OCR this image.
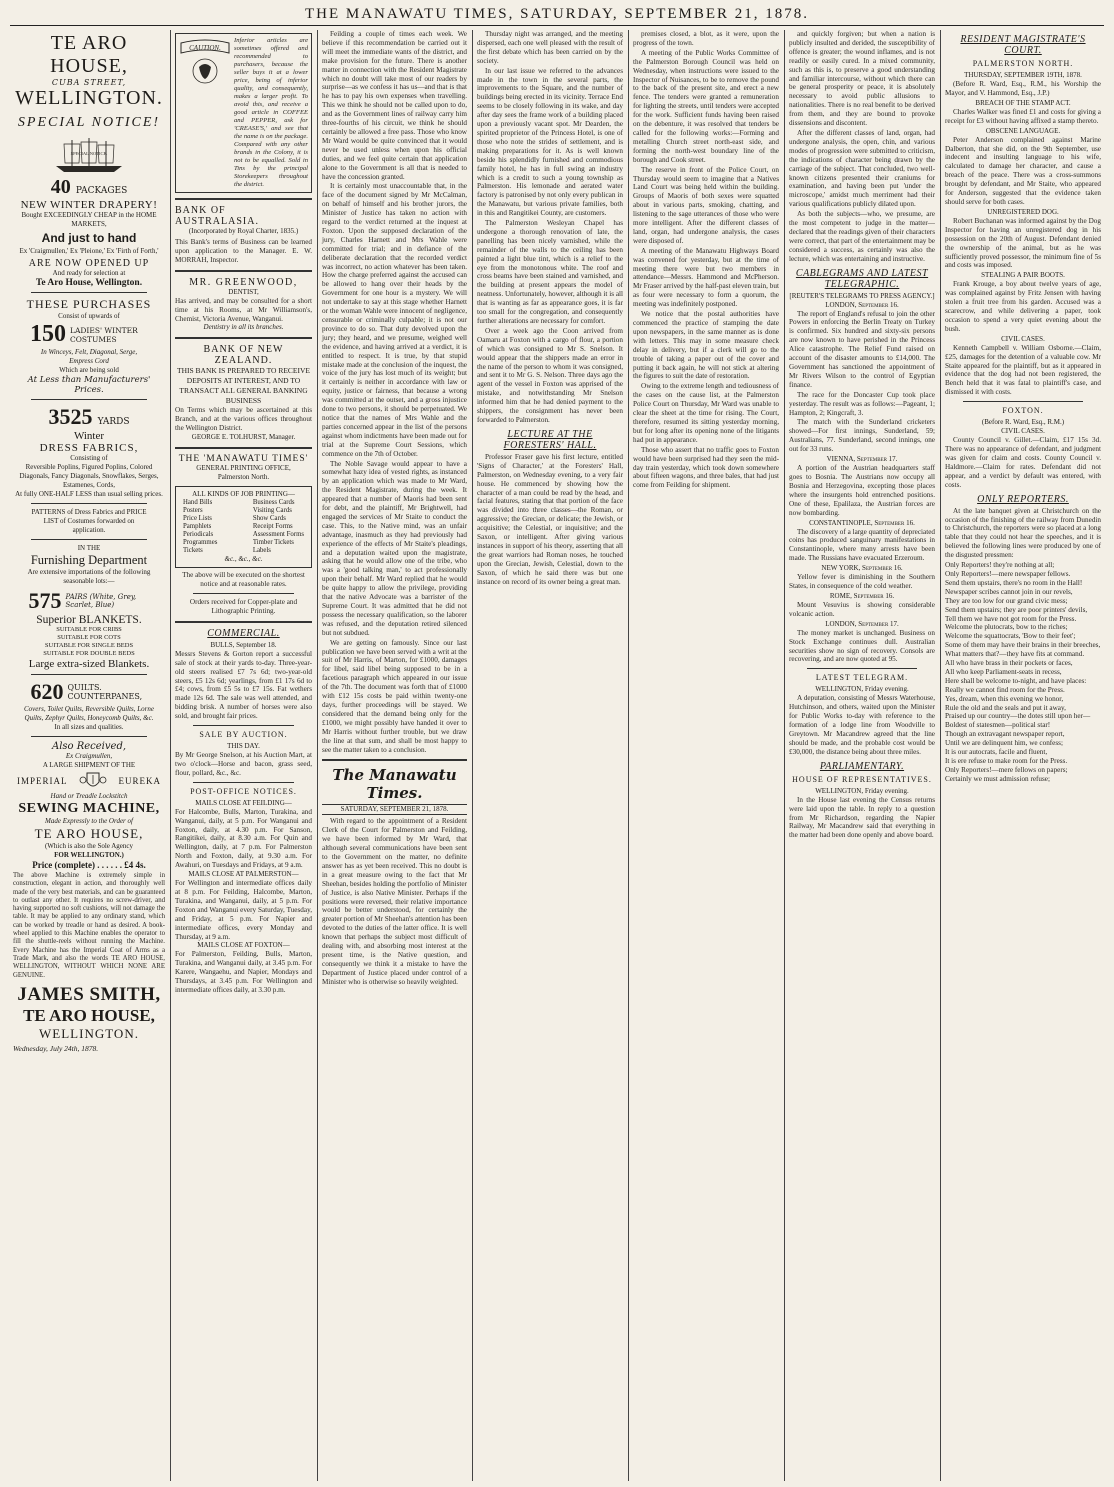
THE MANAWATU TIMES, SATURDAY, SEPTEMBER 21, 1878.
TE ARO HOUSE,
CUBA STREET,
WELLINGTON.
SPECIAL NOTICE!
SPECIAL NOTICE.
40 PACKAGES
NEW WINTER DRAPERY!
Bought EXCEEDINGLY CHEAP in the HOME MARKETS,
And just to hand
Ex 'Craigmullen,' Ex 'Pleione,' Ex 'Firth of Forth,'
ARE NOW OPENED UP
And ready for selection at
Te Aro House, Wellington.
THESE PURCHASES
Consist of upwards of
150 LADIES' WINTER COSTUMES
In Winceys, Felt, Diagonal, Serge, Empress Cord
Which are being sold
At Less than Manufacturers' Prices.
3525 YARDS
Winter
DRESS FABRICS,
Consisting of
Reversible Poplins, Figured Poplins, Colored Diagonals, Fancy Diagonals, Snowflakes, Serges, Estamenes, Cords,
At fully ONE-HALF LESS than usual selling prices.
PATTERNS of Dress Fabrics and PRICE LIST of Costumes forwarded on application.
IN THE
Furnishing Department
Are extensive importations of the following seasonable lots:—
575 PAIRS (White, Grey, Scarlet, Blue)
Superior BLANKETS.
SUITABLE FOR CRIBS
SUITABLE FOR COTS
SUITABLE FOR SINGLE BEDS
SUITABLE FOR DOUBLE BEDS
Large extra-sized Blankets.
620 QUILTS. COUNTERPANES,
Covers, Toilet Quilts, Reversible Quilts, Lorne Quilts, Zephyr Quilts, Honeycomb Quilts, &c.
In all sizes and qualities.
Also Received,
Ex Craigmullen,
A LARGE SHIPMENT OF THE
IMPERIAL	EUREKA
Hand or Treadle Lockstitch
SEWING MACHINE,
Made Expressly to the Order of
TE ARO HOUSE,
(Which is also the Sole Agency
FOR WELLINGTON.)
Price (complete) . . . . . . £4 4s.
The above Machine is extremely simple in construction, elegant in action, and thoroughly well made of the very best materials, and can be guaranteed to outlast any other. It requires no screw-driver, and having supported no soft cushions, will not damage the table. It may be applied to any ordinary stand, which can be worked by treadle or hand as desired. A book-wheel applied to this Machine enables the operator to fill the shuttle-reels without running the Machine. Every Machine has the Imperial Coat of Arms as a Trade Mark, and also the words TE ARO HOUSE, WELLINGTON, WITHOUT WHICH NONE ARE GENUINE.
JAMES SMITH,
TE ARO HOUSE,
WELLINGTON.
Wednesday, July 24th, 1878.
CAUTION.
Inferior articles are sometimes offered and recommended to purchasers, because the seller buys it at a lower price, being of inferior quality, and consequently, makes a larger profit. To avoid this, and receive a good article in COFFEE and PEPPER, ask for 'CREASE'S,' and see that the name is on the package. Compared with any other brands in the Colony, it is not to be equalled. Sold in Tins by the principal Storekeepers throughout the district.
BANK OF AUSTRALASIA.
(Incorporated by Royal Charter, 1835.)
This Bank's terms of Business can be learned upon application to the Manager. E. W. MORRAH, Inspector.
MR. GREENWOOD,
DENTIST,
Has arrived, and may be consulted for a short time at his Rooms, at Mr Williamson's, Chemist, Victoria Avenue, Wanganui.
Dentistry in all its branches.
BANK OF NEW ZEALAND.
THIS BANK IS PREPARED TO RECEIVE DEPOSITS AT INTEREST, AND TO TRANSACT ALL GENERAL BANKING BUSINESS
On Terms which may be ascertained at this Branch, and at the various offices throughout the Wellington District.
GEORGE E. TOLHURST, Manager.
THE 'MANAWATU TIMES'
GENERAL PRINTING OFFICE,
Palmerston North.
ALL KINDS OF JOB PRINTING—
Hand Bills
Posters
Price Lists
Pamphlets
Periodicals
Programmes
Tickets
Business Cards
Visiting Cards
Show Cards
Receipt Forms
Assessment Forms
Timber Tickets
Labels
&c., &c., &c.
The above will be executed on the shortest notice and at reasonable rates.
Orders received for Copper-plate and Lithographic Printing.
COMMERCIAL.
BULLS, September 18.
Messrs Stevens & Gorton report a successful sale of stock at their yards to-day. Three-year-old steers realised £7 7s 6d; two-year-old steers, £5 12s 6d; yearlings, from £1 17s 6d to £4; cows, from £5 5s to £7 15s. Fat wethers made 12s 6d. The sale was well attended, and bidding brisk. A number of horses were also sold, and brought fair prices.
SALE BY AUCTION.
THIS DAY.
By Mr George Snelson, at his Auction Mart, at two o'clock—Horse and bacon, grass seed, flour, pollard, &c., &c.
POST-OFFICE NOTICES.
MAILS CLOSE AT FEILDING—
For Halcombe, Bulls, Marton, Turakina, and Wanganui, daily, at 5 p.m. For Wanganui and Foxton, daily, at 4.30 p.m. For Sanson, Rangitikei, daily, at 8.30 a.m. For Quin and Wellington, daily, at 7 p.m. For Palmerston North and Foxton, daily, at 9.30 a.m. For Awahuri, on Tuesdays and Fridays, at 9 a.m.
MAILS CLOSE AT PALMERSTON—
For Wellington and intermediate offices daily at 8 p.m. For Feilding, Halcombe, Marton, Turakina, and Wanganui, daily, at 5 p.m. For Foxton and Wanganui every Saturday, Tuesday, and Friday, at 5 p.m. For Napier and intermediate offices, every Monday and Thursday, at 9 a.m.
MAILS CLOSE AT FOXTON—
For Palmerston, Feilding, Bulls, Marton, Turakina, and Wanganui daily, at 3.45 p.m. For Karere, Wangaehu, and Napier, Mondays and Thursdays, at 3.45 p.m. For Wellington and intermediate offices daily, at 3.30 p.m.

Feilding a couple of times each week. We believe if this recommendation be carried out it will meet the immediate wants of the district, and make provision for the future. There is another matter in connection with the Resident Magistrate which no doubt will take most of our readers by surprise—as we confess it has us—and that is that he has to pay his own expenses when travelling. This we think he should not be called upon to do, and as the Government lines of railway carry him three-fourths of his circuit, we think he should certainly be allowed a free pass. Those who know Mr Ward would be quite convinced that it would never be used unless when upon his official duties, and we feel quite certain that application alone to the Government is all that is needed to have the concession granted.

It is certainly most unaccountable that, in the face of the document signed by Mr McCalman, on behalf of himself and his brother jurors, the Minister of Justice has taken no action with regard to the verdict returned at the inquest at Foxton. Upon the supposed declaration of the jury, Charles Harnett and Mrs Wahle were committed for trial; and in defiance of the deliberate declaration that the recorded verdict was incorrect, no action whatever has been taken. How the charge preferred against the accused can be allowed to hang over their heads by the Government for one hour is a mystery. We will not undertake to say at this stage whether Harnett or the woman Wahle were innocent of negligence, censurable or criminally culpable; it is not our province to do so. That duty devolved upon the jury; they heard, and we presume, weighed well the evidence, and having arrived at a verdict, it is entitled to respect. It is true, by that stupid mistake made at the conclusion of the inquest, the voice of the jury has lost much of its weight; but it certainly is neither in accordance with law or equity, justice or fairness, that because a wrong was committed at the outset, and a gross injustice done to two persons, it should be perpetuated. We notice that the names of Mrs Wahle and the parties concerned appear in the list of the persons against whom indictments have been made out for trial at the Supreme Court Sessions, which commence on the 7th of October.

The Noble Savage would appear to have a somewhat hazy idea of vested rights, as instanced by an application which was made to Mr Ward, the Resident Magistrate, during the week. It appeared that a number of Maoris had been sent for debt, and the plaintiff, Mr Brightwell, had engaged the services of Mr Staite to conduct the case. This, to the Native mind, was an unfair advantage, inasmuch as they had previously had experience of the effects of Mr Staite's pleadings, and a deputation waited upon the magistrate, asking that he would allow one of the tribe, who was a 'good talking man,' to act professionally upon their behalf. Mr Ward replied that he would be quite happy to allow the privilege, providing that the native Advocate was a barrister of the Supreme Court. It was admitted that he did not possess the necessary qualification, so the laborer was refused, and the deputation retired silenced but not subdued.

We are getting on famously. Since our last publication we have been served with a writ at the suit of Mr Harris, of Marton, for £1000, damages for libel, said libel being supposed to be in a facetious paragraph which appeared in our issue of the 7th. The document was forth that of £1000 with £12 15s costs be paid within twenty-one days, further proceedings will be stayed. We considered that the demand being only for the £1000, we might possibly have handed it over to Mr Harris without further trouble, but we draw the line at that sum, and shall be most happy to see the matter taken to a conclusion.

The Manawatu Times.
SATURDAY, SEPTEMBER 21, 1878.

With regard to the appointment of a Resident Clerk of the Court for Palmerston and Feilding, we have been informed by Mr Ward, that although several communications have been sent to the Government on the matter, no definite answer has as yet been received. This no doubt is in a great measure owing to the fact that Mr Sheehan, besides holding the portfolio of Minister of Justice, is also Native Minister. Perhaps if the positions were reversed, their relative importance would be better understood, for certainly the greater portion of Mr Sheehan's attention has been devoted to the duties of the latter office. It is well known that perhaps the subject most difficult of dealing with, and absorbing most interest at the present time, is the Native question, and consequently we think it a mistake to have the Department of Justice placed under control of a Minister who is otherwise so heavily weighted.

Thursday night was arranged, and the meeting dispersed, each one well pleased with the result of the first debate which has been carried on by the society.

In our last issue we referred to the advances made in the town in the several parts, the improvements to the Square, and the number of buildings being erected in its vicinity. Terrace End seems to be closely following in its wake, and day after day sees the frame work of a building placed upon a previously vacant spot. Mr Dearden, the spirited proprietor of the Princess Hotel, is one of those who note the strides of settlement, and is making preparations for it. As is well known beside his splendidly furnished and commodious family hotel, he has in full swing an industry which is a credit to such a young township as Palmerston. His lemonade and aerated water factory is patronised by not only every publican in the Manawatu, but various private families, both in this and Rangitikei County, are customers.

The Palmerston Wesleyan Chapel has undergone a thorough renovation of late, the panelling has been nicely varnished, while the remainder of the walls to the ceiling has been painted a light blue tint, which is a relief to the eye from the monotonous white. The roof and cross beams have been stained and varnished, and the building at present appears the model of neatness. Unfortunately, however, although it is all that is wanting as far as appearance goes, it is far too small for the congregation, and consequently further alterations are necessary for comfort.

Over a week ago the Coon arrived from Oamaru at Foxton with a cargo of flour, a portion of which was consigned to Mr S. Snelson. It would appear that the shippers made an error in the name of the person to whom it was consigned, and sent it to Mr G. S. Nelson. Three days ago the agent of the vessel in Foxton was apprised of the mistake, and notwithstanding Mr Snelson informed him that he had denied payment to the shippers, the consignment has never been forwarded to Palmerston.

LECTURE AT THE FORESTERS' HALL.

Professor Fraser gave his first lecture, entitled 'Signs of Character,' at the Foresters' Hall, Palmerston, on Wednesday evening, to a very fair house. He commenced by showing how the character of a man could be read by the head, and facial features, stating that that portion of the face was divided into three classes—the Roman, or aggressive; the Grecian, or delicate; the Jewish, or acquisitive; the Celestial, or inquisitive; and the Saxon, or intelligent. After giving various instances in support of his theory, asserting that all the great warriors had Roman noses, he touched upon the Grecian, Jewish, Celestial, down to the Saxon, of which he said there was but one instance on record of its owner being a great man.

premises closed, a blot, as it were, upon the progress of the town.

A meeting of the Public Works Committee of the Palmerston Borough Council was held on Wednesday, when instructions were issued to the Inspector of Nuisances, to be to remove the pound to the back of the present site, and erect a new fence. The tenders were granted a remuneration for lighting the streets, until tenders were accepted for the work. Sufficient funds having been raised on the debenture, it was resolved that tenders be called for the following works:—Forming and metalling Church street north-east side, and forming the north-west boundary line of the borough and Cook street.

The reserve in front of the Police Court, on Thursday would seem to imagine that a Natives Land Court was being held within the building. Groups of Maoris of both sexes were squatted about in various parts, smoking, chatting, and listening to the sage utterances of those who were more intelligent. After the different classes of land, organ, had undergone analysis, the cases were disposed of.

A meeting of the Manawatu Highways Board was convened for yesterday, but at the time of meeting there were but two members in attendance—Messrs. Hammond and McPherson. Mr Fraser arrived by the half-past eleven train, but as four were necessary to form a quorum, the meeting was indefinitely postponed.

We notice that the postal authorities have commenced the practice of stamping the date upon newspapers, in the same manner as is done with letters. This may in some measure check delay in delivery, but if a clerk will go to the trouble of taking a paper out of the cover and putting it back again, he will not stick at altering the figures to suit the date of restoration.

Owing to the extreme length and tediousness of the cases on the cause list, at the Palmerston Police Court on Thursday, Mr Ward was unable to clear the sheet at the time for rising. The Court, therefore, resumed its sitting yesterday morning, but for long after its opening none of the litigants had put in appearance.

Those who assert that no traffic goes to Foxton would have been surprised had they seen the mid-day train yesterday, which took down somewhere about fifteen wagons, and three bales, that had just come from Feilding for shipment.

and quickly forgiven; but when a nation is publicly insulted and derided, the susceptibility of offence is greater; the wound inflames, and is not readily or easily cured. In a mixed community, such as this is, to preserve a good understanding and familiar intercourse, without which there can be general prosperity or peace, it is absolutely necessary to avoid public allusions to nationalities. There is no real benefit to be derived from them, and they are bound to provoke dissensions and discontent.

After the different classes of land, organ, had undergone analysis, the open, chin, and various modes of progression were submitted to criticism, the indications of character being drawn by the carriage of the subject. That concluded, two well-known citizens presented their craniums for examination, and having been put 'under the microscope,' amidst much merriment had their various qualifications publicly dilated upon.

As both the subjects—who, we presume, are the most competent to judge in the matter—declared that the readings given of their characters were correct, that part of the entertainment may be considered a success, as certainly was also the lecture, which was entertaining and instructive.

CABLEGRAMS AND LATEST TELEGRAPHIC.
[REUTER'S TELEGRAMS TO PRESS AGENCY.]
LONDON, September 16.

The report of England's refusal to join the other Powers in enforcing the Berlin Treaty on Turkey is confirmed. Six hundred and sixty-six persons are now known to have perished in the Princess Alice catastrophe. The Relief Fund raised on account of the disaster amounts to £14,000. The Government has sanctioned the appointment of Mr Rivers Wilson to the control of Egyptian finance.

The race for the Doncaster Cup took place yesterday. The result was as follows:—Pageant, 1; Hampton, 2; Kingcraft, 3.

The match with the Sunderland cricketers showed—For first innings, Sunderland, 59; Australians, 77. Sunderland, second innings, one out for 33 runs.

VIENNA, September 17.

A portion of the Austrian headquarters staff goes to Bosnia. The Austrians now occupy all Bosnia and Herzegovina, excepting those places where the insurgents hold entrenched positions. One of these, Epalilaza, the Austrian forces are now bombarding.

CONSTANTINOPLE, September 16.

The discovery of a large quantity of depreciated coins has produced sanguinary manifestations in Constantinople, where many arrests have been made. The Russians have evacuated Erzeroum.

NEW YORK, September 16.

Yellow fever is diminishing in the Southern States, in consequence of the cold weather.

ROME, September 16.

Mount Vesuvius is showing considerable volcanic action.

LONDON, September 17.

The money market is unchanged. Business on Stock Exchange continues dull. Australian securities show no sign of recovery. Consols are recovering, and are now quoted at 95.

LATEST TELEGRAM.
WELLINGTON, Friday evening.

A deputation, consisting of Messrs Waterhouse, Hutchinson, and others, waited upon the Minister for Public Works to-day with reference to the formation of a lodge line from Woodville to Greytown. Mr Macandrew agreed that the line should be made, and the probable cost would be £30,000, the distance being about three miles.

PARLIAMENTARY.
HOUSE OF REPRESENTATIVES.
WELLINGTON, Friday evening.

In the House last evening the Census returns were laid upon the table. In reply to a question from Mr Richardson, regarding the Napier Railway, Mr Macandrew said that everything in the matter had been done openly and above board.

RESIDENT MAGISTRATE'S COURT.
PALMERSTON NORTH.
THURSDAY, SEPTEMBER 19TH, 1878.

(Before R. Ward, Esq., R.M., his Worship the Mayor, and V. Hammond, Esq., J.P.)

BREACH OF THE STAMP ACT.

Charles Walker was fined £1 and costs for giving a receipt for £3 without having affixed a stamp thereto.

OBSCENE LANGUAGE.

Peter Anderson complained against Marine Dalberton, that she did, on the 9th September, use indecent and insulting language to his wife, calculated to damage her character, and cause a breach of the peace. There was a cross-summons brought by defendant, and Mr Staite, who appeared for Anderson, suggested that the evidence taken should serve for both cases.

UNREGISTERED DOG.

Robert Buchanan was informed against by the Dog Inspector for having an unregistered dog in his possession on the 20th of August. Defendant denied the ownership of the animal, but as he was sufficiently proved possessor, the minimum fine of 5s and costs was imposed.

STEALING A PAIR BOOTS.

Frank Krouge, a boy about twelve years of age, was complained against by Fritz Jensen with having stolen a fruit tree from his garden. Accused was a scarecrow, and while delivering a paper, took occasion to spend a very quiet evening about the bush.

CIVIL CASES.

Kenneth Campbell v. William Osborne.—Claim, £25, damages for the detention of a valuable cow. Mr Staite appeared for the plaintiff, but as it appeared in evidence that the dog had not been registered, the Bench held that it was fatal to plaintiff's case, and dismissed it with costs.

FOXTON.
(Before R. Ward, Esq., R.M.)
CIVIL CASES.

County Council v. Gillet.—Claim, £17 15s 3d. There was no appearance of defendant, and judgment was given for claim and costs. County Council v. Haldmore.—Claim for rates. Defendant did not appear, and a verdict by default was entered, with costs.

ONLY REPORTERS.

At the late banquet given at Christchurch on the occasion of the finishing of the railway from Dunedin to Christchurch, the reporters were so placed at a long table that they could not hear the speeches, and it is believed the following lines were produced by one of the disgusted pressmen:

Only Reporters! they're nothing at all;
Only Reporters!—mere newspaper fellows.
Send them upstairs, there's no room in the Hall!
Newspaper scribes cannot join in our revels,
They are too low for our grand civic mess;
Send them upstairs; they are poor printers' devils,
Tell them we have not got room for the Press.
Welcome the plutocrats, bow to the riches;
Welcome the squattocrats, 'Bow to their feet';
Some of them may have their brains in their breeches,
What matters that?—they have fits at command.
All who have brass in their pockets or faces,
All who keep Parliament-seats in recess,
Here shall be welcome to-night, and have places:
Really we cannot find room for the Press.
Yes, dream, when this evening we honor,
Rule the old and the seals and put it away,
Praised up our country—the dotes still upon her—
Boldest of statesmen—political star!
Though an extravagant newspaper report,
Until we are delinquent him, we confess;
It is our autocrats, facile and fluent,
It is ere refuse to make room for the Press.
Only Reporters!—mere fellows on papers;
Certainly we must admission refuse;
